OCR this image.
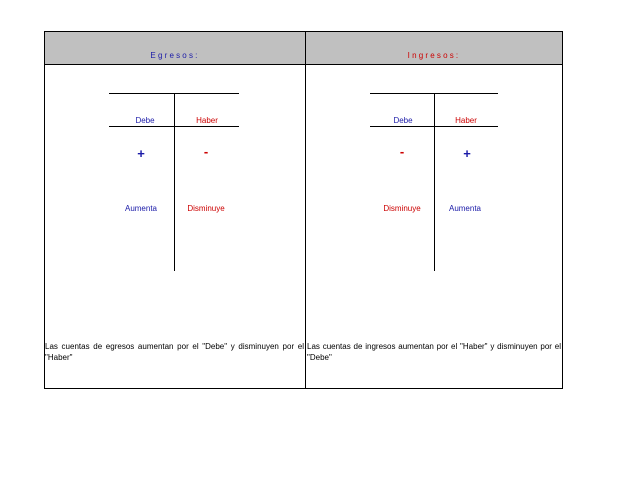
Egresos:
Debe	Haber
+	-
Aumenta	Disminuye
Las cuentas de egresos aumentan por el "Debe" y disminuyen por el "Haber"
Ingresos:
Debe	Haber
-	+
Disminuye	Aumenta
Las cuentas de ingresos aumentan por el "Haber" y disminuyen por el "Debe"
